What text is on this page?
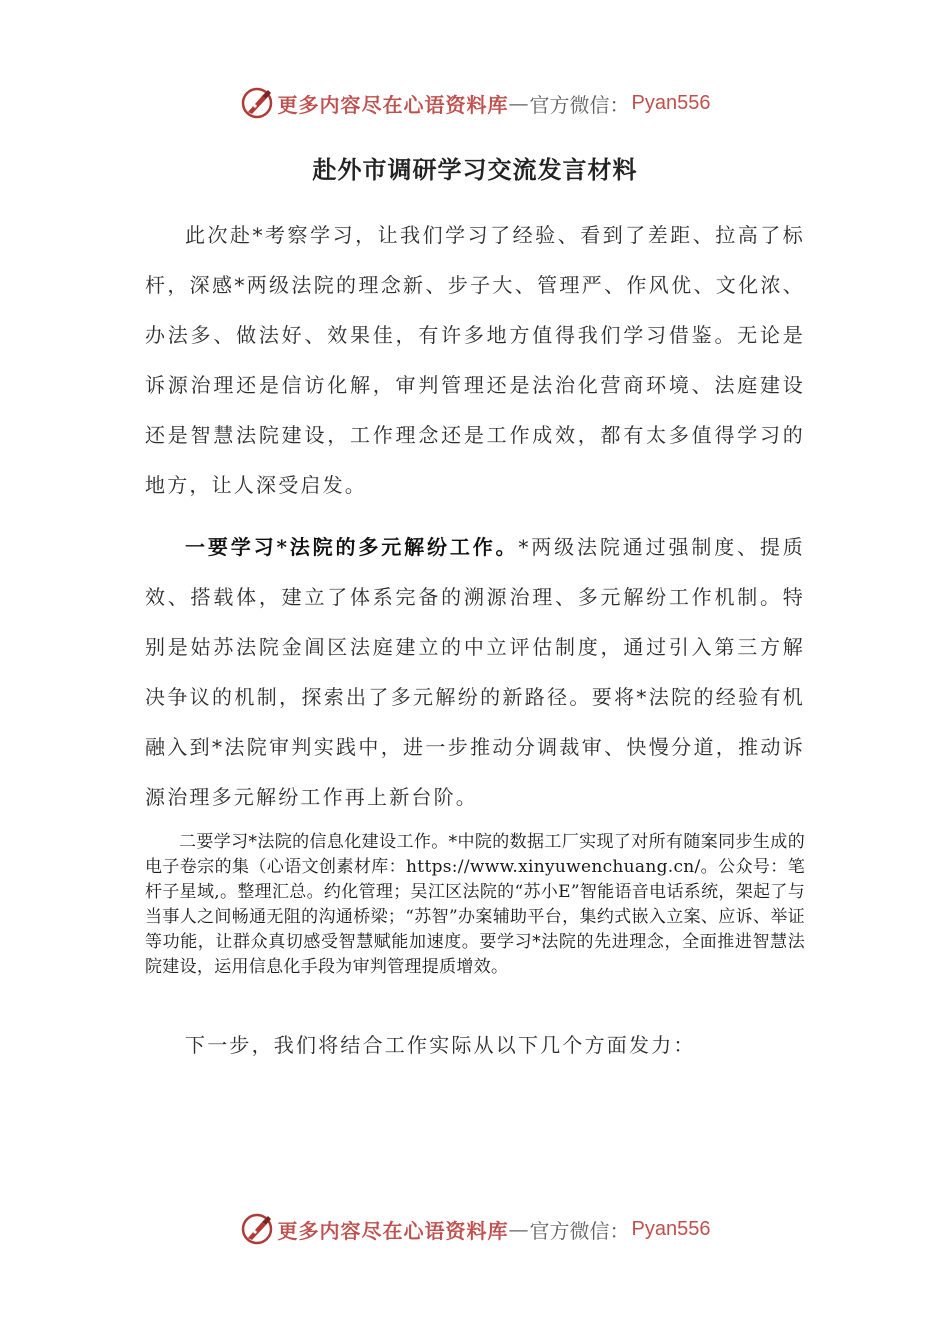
更多内容尽在心语资料库 — 官方微信： Pyan556
赴外市调研学习交流发言材料

此次赴*考察学习，让我们学习了经验、看到了差距、拉高了标杆，深感*两级法院的理念新、步子大、管理严、作风优、文化浓、办法多、做法好、效果佳，有许多地方值得我们学习借鉴。无论是诉源治理还是信访化解，审判管理还是法治化营商环境、法庭建设还是智慧法院建设，工作理念还是工作成效，都有太多值得学习的地方，让人深受启发。

一要学习*法院的多元解纷工作。*两级法院通过强制度、提质效、搭载体，建立了体系完备的溯源治理、多元解纷工作机制。特别是姑苏法院金阊区法庭建立的中立评估制度，通过引入第三方解决争议的机制，探索出了多元解纷的新路径。要将*法院的经验有机融入到*法院审判实践中，进一步推动分调裁审、快慢分道，推动诉源治理多元解纷工作再上新台阶。

二要学习*法院的信息化建设工作。*中院的数据工厂实现了对所有随案同步生成的电子卷宗的集（心语文创素材库：https://www.xinyuwenchuang.cn/。公众号：笔杆子星域,。整理汇总。约化管理；吴江区法院的“苏小E”智能语音电话系统，架起了与当事人之间畅通无阻的沟通桥梁；“苏智”办案辅助平台，集约式嵌入立案、应诉、举证等功能，让群众真切感受智慧赋能加速度。要学习*法院的先进理念，全面推进智慧法院建设，运用信息化手段为审判管理提质增效。

下一步，我们将结合工作实际从以下几个方面发力：

更多内容尽在心语资料库 — 官方微信： Pyan556
